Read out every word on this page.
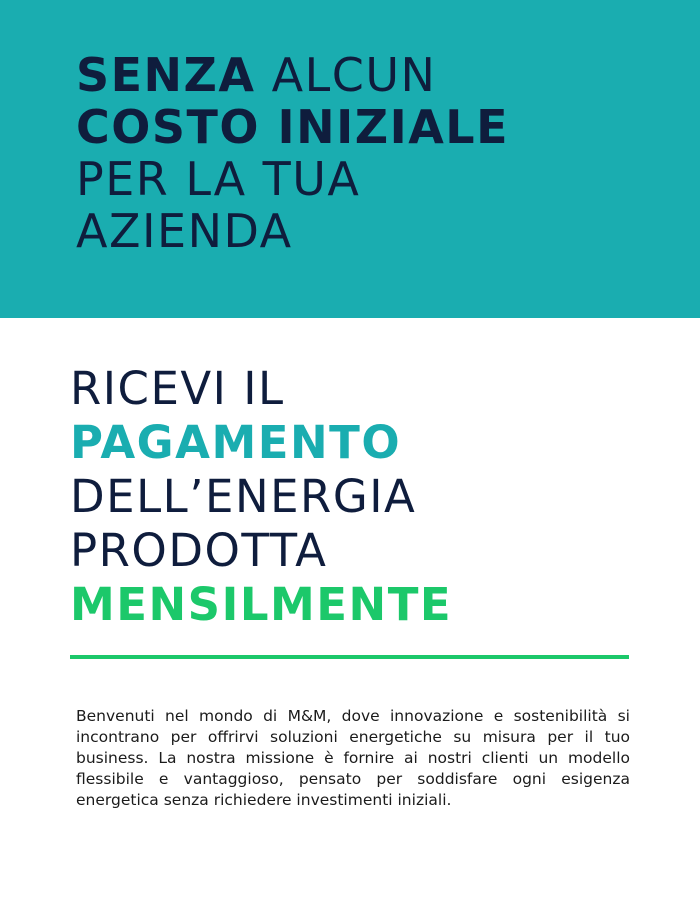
SENZA ALCUN
COSTO INIZIALE
PER LA TUA
AZIENDA
RICEVI IL
PAGAMENTO
DELL’ENERGIA
PRODOTTA
MENSILMENTE

Benvenuti nel mondo di M&M, dove innovazione e sostenibilità si incontrano per offrirvi soluzioni energetiche su misura per il tuo business. La nostra missione è fornire ai nostri clienti un modello flessibile e vantaggioso, pensato per soddisfare ogni esigenza energetica senza richiedere investimenti iniziali.
